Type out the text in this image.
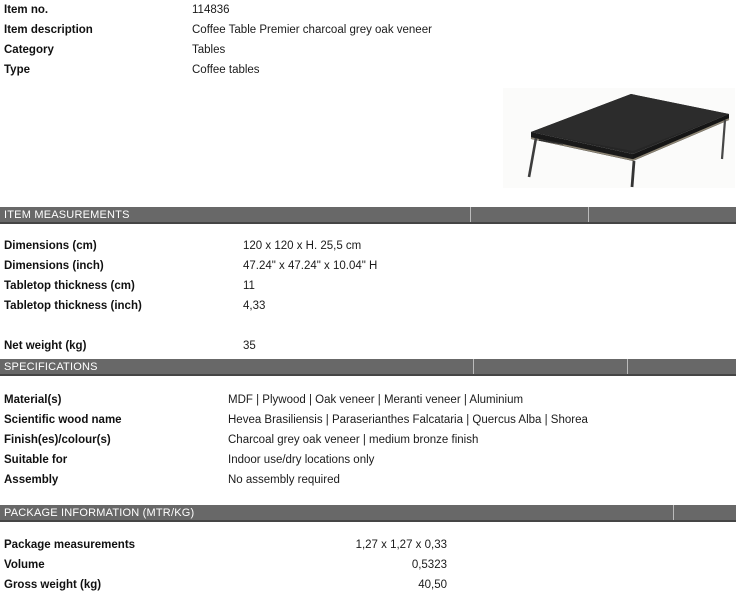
Item no.	114836
Item description	Coffee Table Premier charcoal grey oak veneer
Category	Tables
Type	Coffee tables
ITEM MEASUREMENTS
Dimensions (cm)	120 x 120 x H. 25,5 cm
Dimensions (inch)	47.24" x 47.24" x 10.04" H
Tabletop thickness (cm)	11
Tabletop thickness (inch)	4,33
Net weight (kg)	35
SPECIFICATIONS
Material(s)	MDF | Plywood | Oak veneer | Meranti veneer | Aluminium
Scientific wood name	Hevea Brasiliensis | Paraserianthes Falcataria | Quercus Alba | Shorea
Finish(es)/colour(s)	Charcoal grey oak veneer | medium bronze finish
Suitable for	Indoor use/dry locations only
Assembly	No assembly required
PACKAGE INFORMATION (MTR/KG)
Package measurements	1,27 x 1,27 x 0,33
Volume	0,5323
Gross weight (kg)	40,50
